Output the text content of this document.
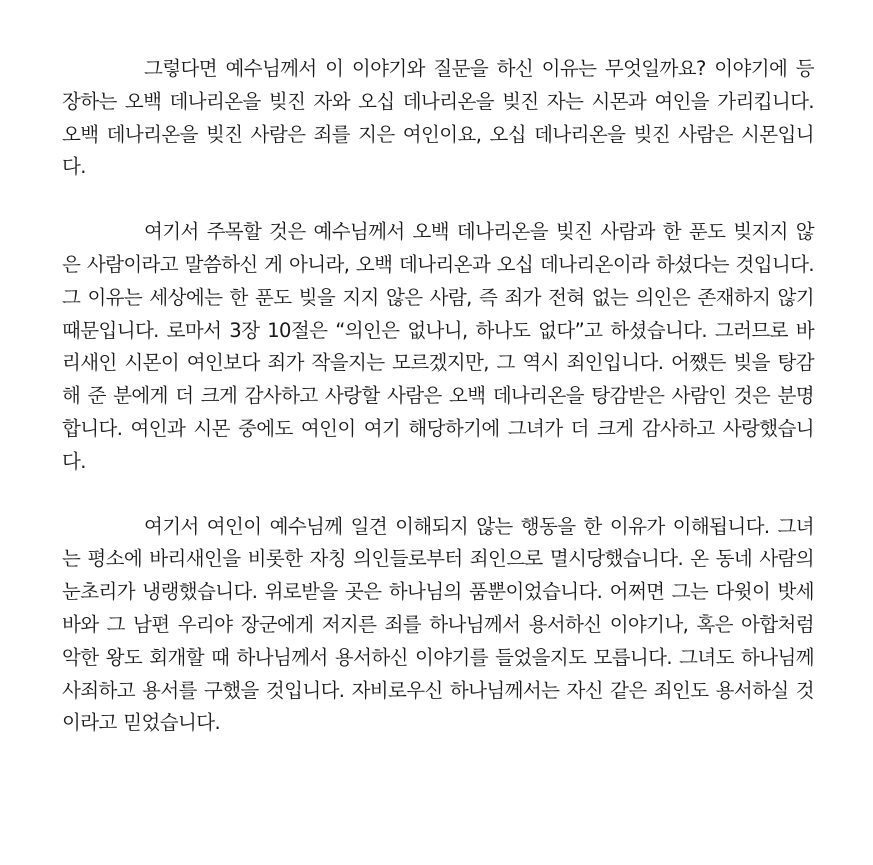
그렇다면 예수님께서 이 이야기와 질문을 하신 이유는 무엇일까요? 이야기에 등장하는 오백 데나리온을 빚진 자와 오십 데나리온을 빚진 자는 시몬과 여인을 가리킵니다. 오백 데나리온을 빚진 사람은 죄를 지은 여인이요, 오십 데나리온을 빚진 사람은 시몬입니다.

여기서 주목할 것은 예수님께서 오백 데나리온을 빚진 사람과 한 푼도 빚지지 않은 사람이라고 말씀하신 게 아니라, 오백 데나리온과 오십 데나리온이라 하셨다는 것입니다. 그 이유는 세상에는 한 푼도 빚을 지지 않은 사람, 즉 죄가 전혀 없는 의인은 존재하지 않기 때문입니다. 로마서 3장 10절은 “의인은 없나니, 하나도 없다”고 하셨습니다. 그러므로 바리새인 시몬이 여인보다 죄가 작을지는 모르겠지만, 그 역시 죄인입니다. 어쨌든 빚을 탕감해 준 분에게 더 크게 감사하고 사랑할 사람은 오백 데나리온을 탕감받은 사람인 것은 분명합니다. 여인과 시몬 중에도 여인이 여기 해당하기에 그녀가 더 크게 감사하고 사랑했습니다.

여기서 여인이 예수님께 일견 이해되지 않는 행동을 한 이유가 이해됩니다. 그녀는 평소에 바리새인을 비롯한 자칭 의인들로부터 죄인으로 멸시당했습니다. 온 동네 사람의 눈초리가 냉랭했습니다. 위로받을 곳은 하나님의 품뿐이었습니다. 어쩌면 그는 다윗이 밧세바와 그 남편 우리야 장군에게 저지른 죄를 하나님께서 용서하신 이야기나, 혹은 아합처럼 악한 왕도 회개할 때 하나님께서 용서하신 이야기를 들었을지도 모릅니다. 그녀도 하나님께 사죄하고 용서를 구했을 것입니다. 자비로우신 하나님께서는 자신 같은 죄인도 용서하실 것이라고 믿었습니다.
